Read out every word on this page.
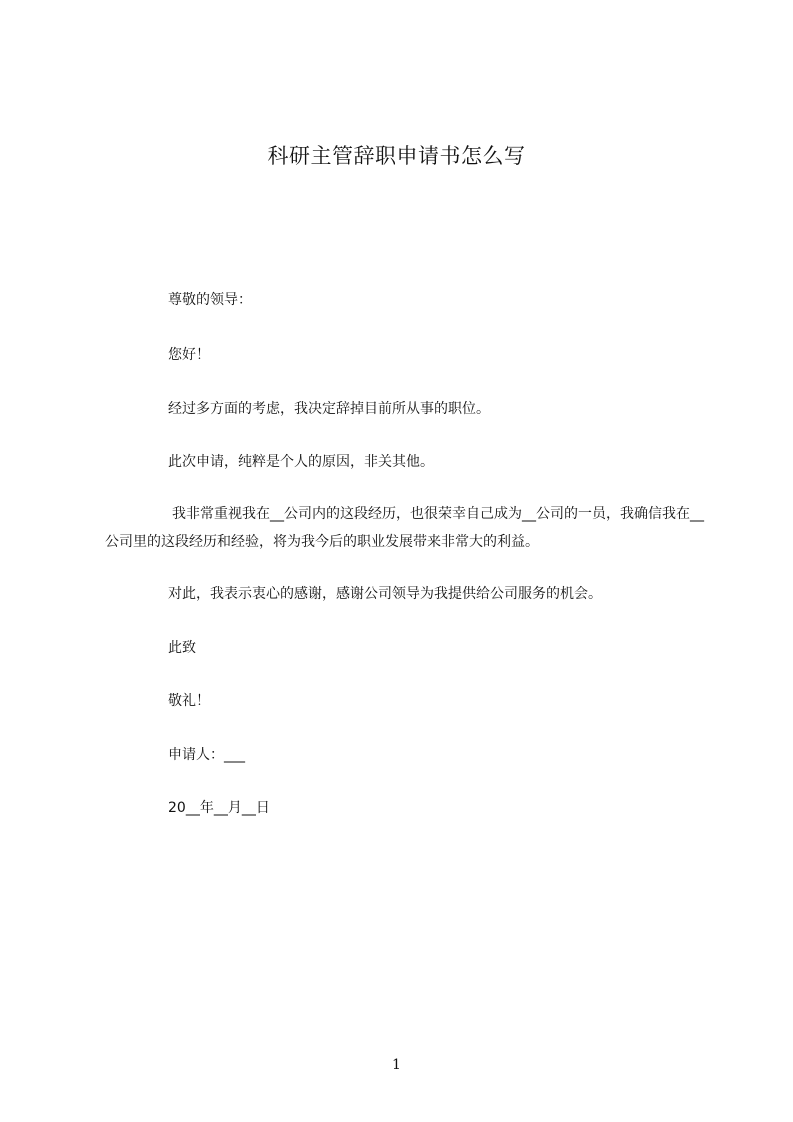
科研主管辞职申请书怎么写
尊敬的领导：
您好！
经过多方面的考虑，我决定辞掉目前所从事的职位。
此次申请，纯粹是个人的原因，非关其他。
我非常重视我在__公司内的这段经历，也很荣幸自己成为__公司的一员，我确信我在__公司里的这段经历和经验，将为我今后的职业发展带来非常大的利益。
对此，我表示衷心的感谢，感谢公司领导为我提供给公司服务的机会。
此致
敬礼！
申请人：___
20__年__月__日
1
